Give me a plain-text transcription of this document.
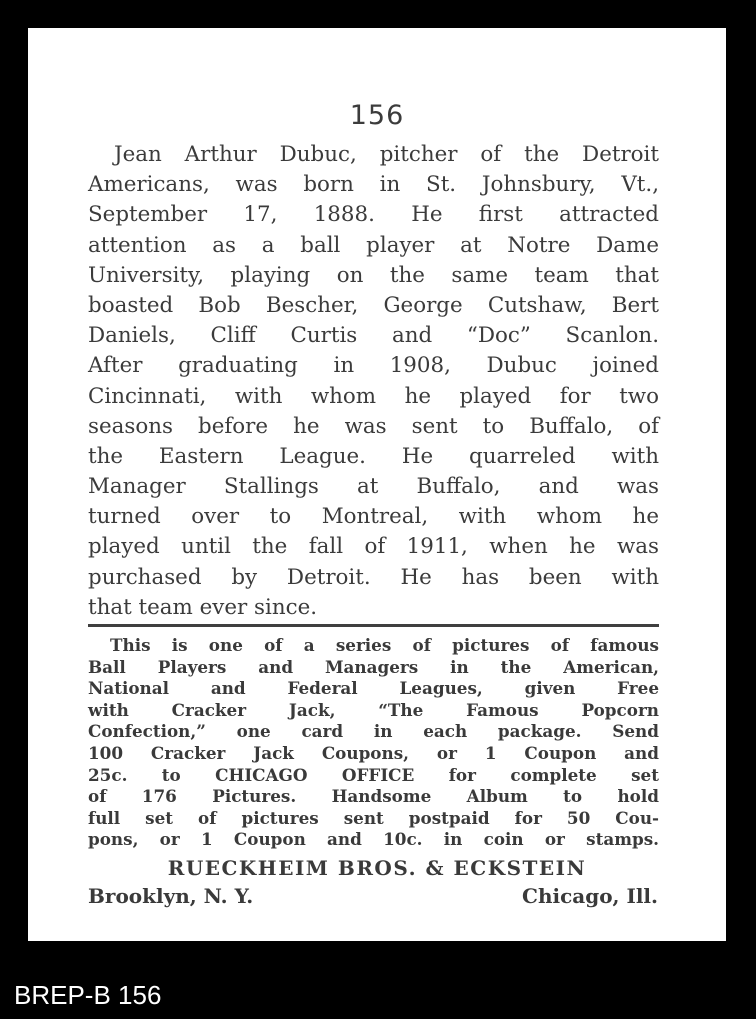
156
Jean Arthur Dubuc, pitcher of the Detroit
Americans, was born in St. Johnsbury, Vt.,
September 17, 1888. He first attracted
attention as a ball player at Notre Dame
University, playing on the same team that
boasted Bob Bescher, George Cutshaw, Bert
Daniels, Cliff Curtis and “Doc” Scanlon.
After graduating in 1908, Dubuc joined
Cincinnati, with whom he played for two
seasons before he was sent to Buffalo, of
the Eastern League. He quarreled with
Manager Stallings at Buffalo, and was
turned over to Montreal, with whom he
played until the fall of 1911, when he was
purchased by Detroit. He has been with
that team ever since.
This is one of a series of pictures of famous
Ball Players and Managers in the American,
National and Federal Leagues, given Free
with Cracker Jack, “The Famous Popcorn
Confection,” one card in each package. Send
100 Cracker Jack Coupons, or 1 Coupon and
25c. to CHICAGO OFFICE for complete set
of 176 Pictures. Handsome Album to hold
full set of pictures sent postpaid for 50 Cou-
pons, or 1 Coupon and 10c. in coin or stamps.
RUECKHEIM BROS. & ECKSTEIN
Brooklyn, N. Y.	Chicago, Ill.
BREP-B 156
